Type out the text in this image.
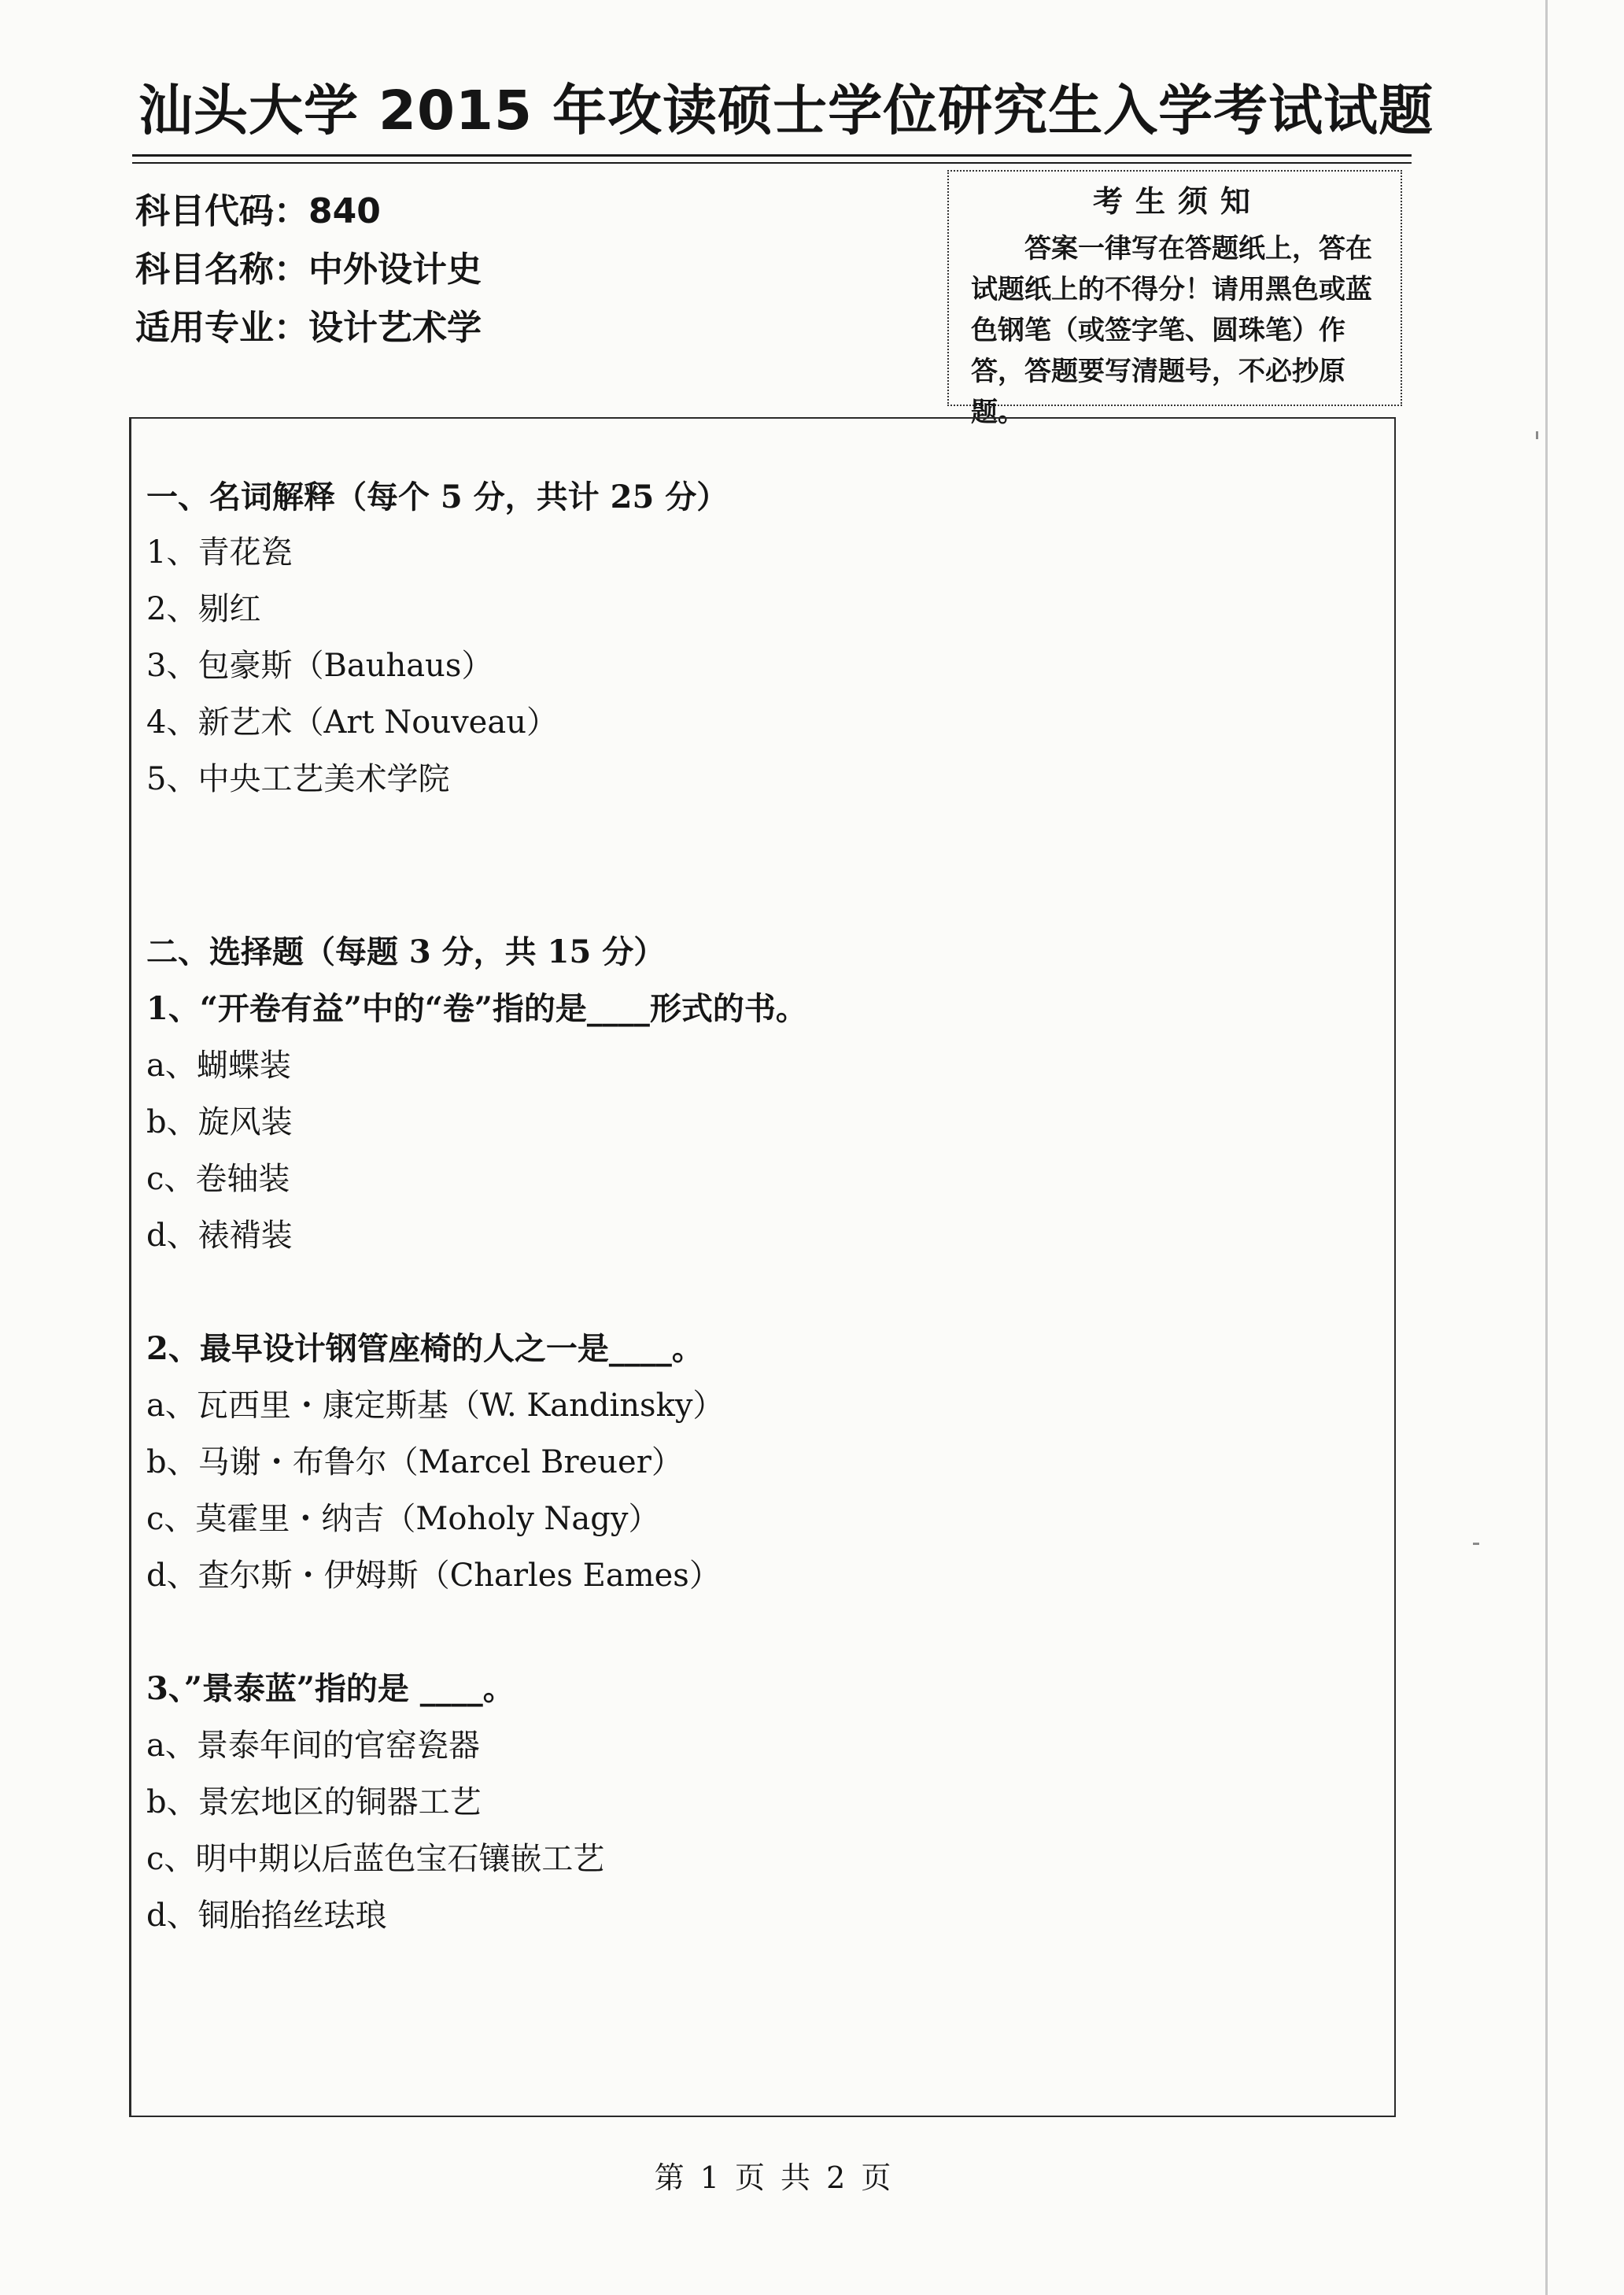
汕头大学 2015 年攻读硕士学位研究生入学考试试题
科目代码：840
科目名称：中外设计史
适用专业：设计艺术学
考生须知
答案一律写在答题纸上，答在试题纸上的不得分！请用黑色或蓝色钢笔（或签字笔、圆珠笔）作答，答题要写清题号，不必抄原题。
一、名词解释（每个 5 分，共计 25 分）
1、青花瓷
2、剔红
3、包豪斯（Bauhaus）
4、新艺术（Art Nouveau）
5、中央工艺美术学院
二、选择题（每题 3 分，共 15 分）
1、“开卷有益”中的“卷”指的是____形式的书。
a、蝴蝶装
b、旋风装
c、卷轴装
d、裱褙装
2、最早设计钢管座椅的人之一是____。
a、瓦西里・康定斯基（W. Kandinsky）
b、马谢・布鲁尔（Marcel Breuer）
c、莫霍里・纳吉（Moholy Nagy）
d、查尔斯・伊姆斯（Charles Eames）
3、”景泰蓝”指的是 ____。
a、景泰年间的官窑瓷器
b、景宏地区的铜器工艺
c、明中期以后蓝色宝石镶嵌工艺
d、铜胎掐丝珐琅
第 1 页 共 2 页
